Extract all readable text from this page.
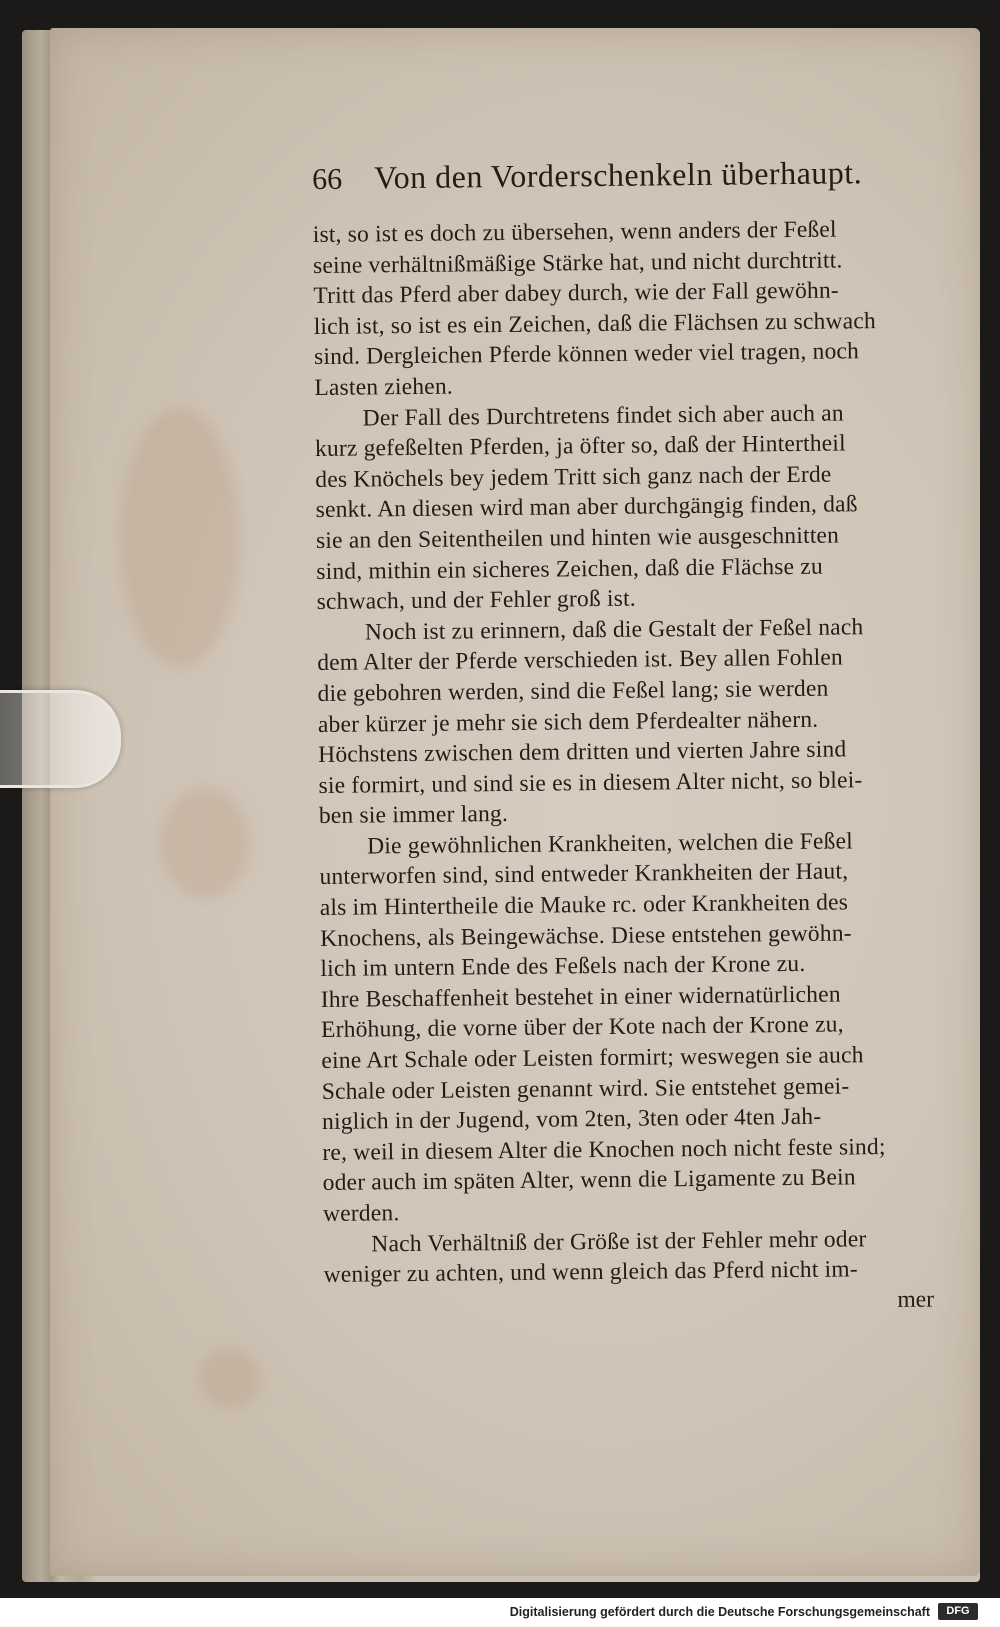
66 Von den Vorderschenkeln überhaupt.

ist, so ist es doch zu übersehen, wenn anders der Feßel
seine verhältnißmäßige Stärke hat, und nicht durchtritt.
Tritt das Pferd aber dabey durch, wie der Fall gewöhn-
lich ist, so ist es ein Zeichen, daß die Flächsen zu schwach
sind. Dergleichen Pferde können weder viel tragen, noch
Lasten ziehen.

Der Fall des Durchtretens findet sich aber auch an
kurz gefeßelten Pferden, ja öfter so, daß der Hintertheil
des Knöchels bey jedem Tritt sich ganz nach der Erde
senkt. An diesen wird man aber durchgängig finden, daß
sie an den Seitentheilen und hinten wie ausgeschnitten
sind, mithin ein sicheres Zeichen, daß die Flächse zu
schwach, und der Fehler groß ist.

Noch ist zu erinnern, daß die Gestalt der Feßel nach
dem Alter der Pferde verschieden ist. Bey allen Fohlen
die gebohren werden, sind die Feßel lang; sie werden
aber kürzer je mehr sie sich dem Pferdealter nähern.
Höchstens zwischen dem dritten und vierten Jahre sind
sie formirt, und sind sie es in diesem Alter nicht, so blei-
ben sie immer lang.

Die gewöhnlichen Krankheiten, welchen die Feßel
unterworfen sind, sind entweder Krankheiten der Haut,
als im Hintertheile die Mauke rc. oder Krankheiten des
Knochens, als Beingewächse. Diese entstehen gewöhn-
lich im untern Ende des Feßels nach der Krone zu.
Ihre Beschaffenheit bestehet in einer widernatürlichen
Erhöhung, die vorne über der Kote nach der Krone zu,
eine Art Schale oder Leisten formirt; weswegen sie auch
Schale oder Leisten genannt wird. Sie entstehet gemei-
niglich in der Jugend, vom 2ten, 3ten oder 4ten Jah-
re, weil in diesem Alter die Knochen noch nicht feste sind;
oder auch im späten Alter, wenn die Ligamente zu Bein
werden.

Nach Verhältniß der Größe ist der Fehler mehr oder
weniger zu achten, und wenn gleich das Pferd nicht im-

mer
Digitalisierung gefördert durch die Deutsche Forschungsgemeinschaft	DFG
